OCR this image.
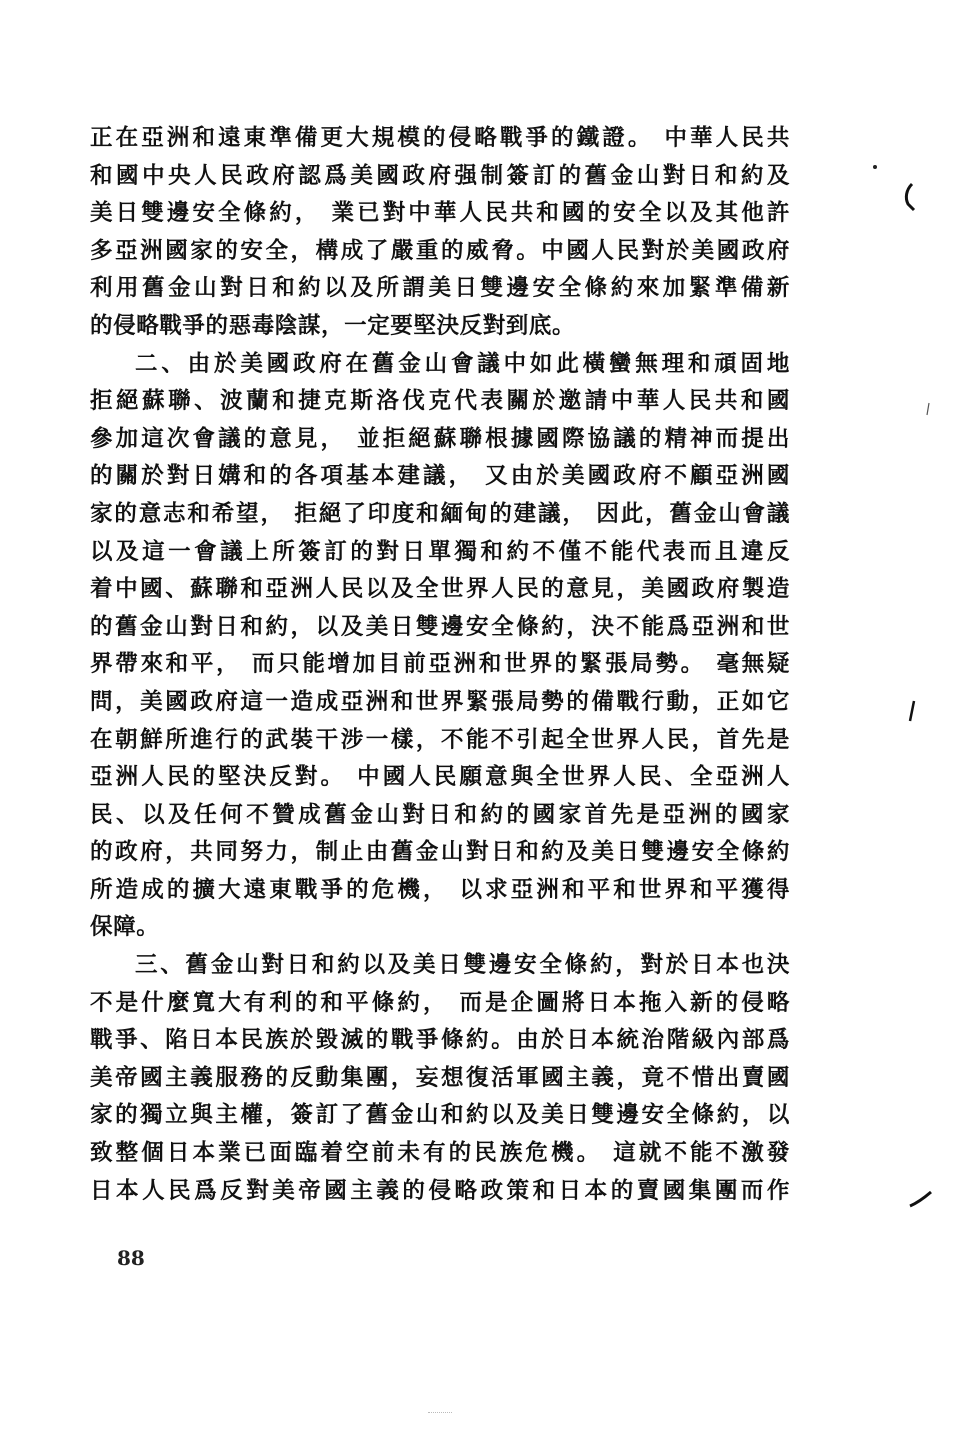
正在亞洲和遠東準備更大規模的侵略戰爭的鐵證。 中華人民共
和國中央人民政府認爲美國政府强制簽訂的舊金山對日和約及
美日雙邊安全條約， 業已對中華人民共和國的安全以及其他許
多亞洲國家的安全，構成了嚴重的威脅。中國人民對於美國政府
利用舊金山對日和約以及所謂美日雙邊安全條約來加緊準備新
的侵略戰爭的惡毒陰謀，一定要堅決反對到底。
二、由於美國政府在舊金山會議中如此橫蠻無理和頑固地
拒絕蘇聯、波蘭和捷克斯洛伐克代表關於邀請中華人民共和國
參加這次會議的意見， 並拒絕蘇聯根據國際協議的精神而提出
的關於對日媾和的各項基本建議， 又由於美國政府不顧亞洲國
家的意志和希望， 拒絕了印度和緬甸的建議， 因此，舊金山會議
以及這一會議上所簽訂的對日單獨和約不僅不能代表而且違反
着中國、蘇聯和亞洲人民以及全世界人民的意見，美國政府製造
的舊金山對日和約，以及美日雙邊安全條約，決不能爲亞洲和世
界帶來和平， 而只能增加目前亞洲和世界的緊張局勢。 毫無疑
問，美國政府這一造成亞洲和世界緊張局勢的備戰行動，正如它
在朝鮮所進行的武裝干涉一樣，不能不引起全世界人民，首先是
亞洲人民的堅決反對。 中國人民願意與全世界人民、全亞洲人
民、以及任何不贊成舊金山對日和約的國家首先是亞洲的國家
的政府，共同努力，制止由舊金山對日和約及美日雙邊安全條約
所造成的擴大遠東戰爭的危機， 以求亞洲和平和世界和平獲得
保障。
三、舊金山對日和約以及美日雙邊安全條約，對於日本也決
不是什麼寬大有利的和平條約， 而是企圖將日本拖入新的侵略
戰爭、陷日本民族於毀滅的戰爭條約。由於日本統治階級內部爲
美帝國主義服務的反動集團，妄想復活軍國主義，竟不惜出賣國
家的獨立與主權，簽訂了舊金山和約以及美日雙邊安全條約，以
致整個日本業已面臨着空前未有的民族危機。 這就不能不激發
日本人民爲反對美帝國主義的侵略政策和日本的賣國集團而作
88
